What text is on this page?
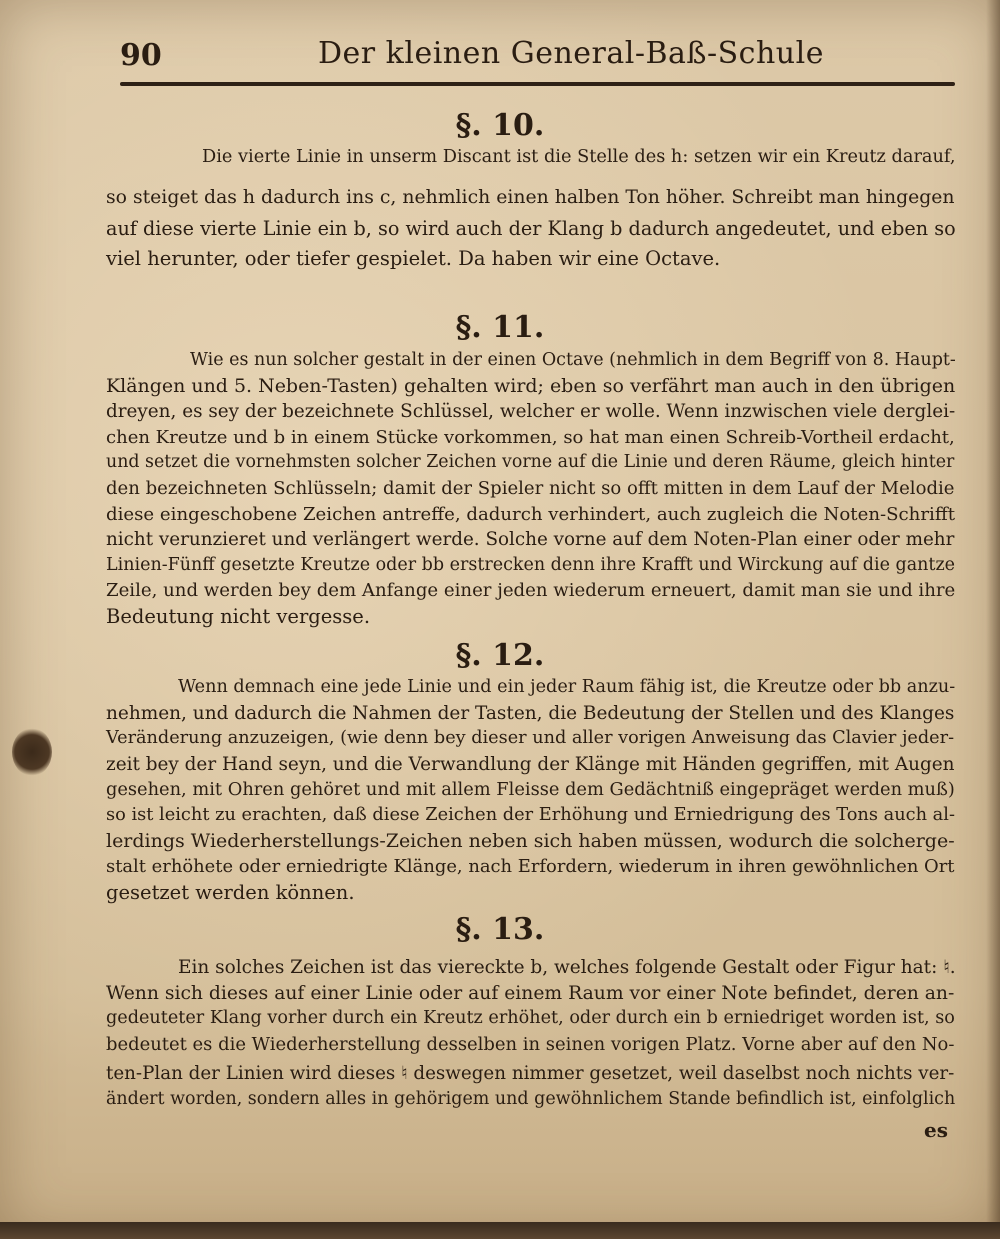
90	Der kleinen General-Baß-Schule
§. 10.
Die vierte Linie in unserm Discant ist die Stelle des h: setzen wir ein Kreutz darauf,
so steiget das h dadurch ins c, nehmlich einen halben Ton höher. Schreibt man hingegen
auf diese vierte Linie ein b, so wird auch der Klang b dadurch angedeutet, und eben so
viel herunter, oder tiefer gespielet. Da haben wir eine Octave.
§. 11.
Wie es nun solcher gestalt in der einen Octave (nehmlich in dem Begriff von 8. Haupt-
Klängen und 5. Neben-Tasten) gehalten wird; eben so verfährt man auch in den übrigen
dreyen, es sey der bezeichnete Schlüssel, welcher er wolle. Wenn inzwischen viele derglei-
chen Kreutze und b in einem Stücke vorkommen, so hat man einen Schreib-Vortheil erdacht,
und setzet die vornehmsten solcher Zeichen vorne auf die Linie und deren Räume, gleich hinter
den bezeichneten Schlüsseln; damit der Spieler nicht so offt mitten in dem Lauf der Melodie
diese eingeschobene Zeichen antreffe, dadurch verhindert, auch zugleich die Noten-Schrifft
nicht verunzieret und verlängert werde. Solche vorne auf dem Noten-Plan einer oder mehr
Linien-Fünff gesetzte Kreutze oder bb erstrecken denn ihre Krafft und Wirckung auf die gantze
Zeile, und werden bey dem Anfange einer jeden wiederum erneuert, damit man sie und ihre
Bedeutung nicht vergesse.
§. 12.
Wenn demnach eine jede Linie und ein jeder Raum fähig ist, die Kreutze oder bb anzu-
nehmen, und dadurch die Nahmen der Tasten, die Bedeutung der Stellen und des Klanges
Veränderung anzuzeigen, (wie denn bey dieser und aller vorigen Anweisung das Clavier jeder-
zeit bey der Hand seyn, und die Verwandlung der Klänge mit Händen gegriffen, mit Augen
gesehen, mit Ohren gehöret und mit allem Fleisse dem Gedächtniß eingepräget werden muß)
so ist leicht zu erachten, daß diese Zeichen der Erhöhung und Erniedrigung des Tons auch al-
lerdings Wiederherstellungs-Zeichen neben sich haben müssen, wodurch die solcherge-
stalt erhöhete oder erniedrigte Klänge, nach Erfordern, wiederum in ihren gewöhnlichen Ort
gesetzet werden können.
§. 13.
Ein solches Zeichen ist das viereckte b, welches folgende Gestalt oder Figur hat: ♮.
Wenn sich dieses auf einer Linie oder auf einem Raum vor einer Note befindet, deren an-
gedeuteter Klang vorher durch ein Kreutz erhöhet, oder durch ein b erniedriget worden ist, so
bedeutet es die Wiederherstellung desselben in seinen vorigen Platz. Vorne aber auf den No-
ten-Plan der Linien wird dieses ♮ deswegen nimmer gesetzet, weil daselbst noch nichts ver-
ändert worden, sondern alles in gehörigem und gewöhnlichem Stande befindlich ist, einfolglich
es
